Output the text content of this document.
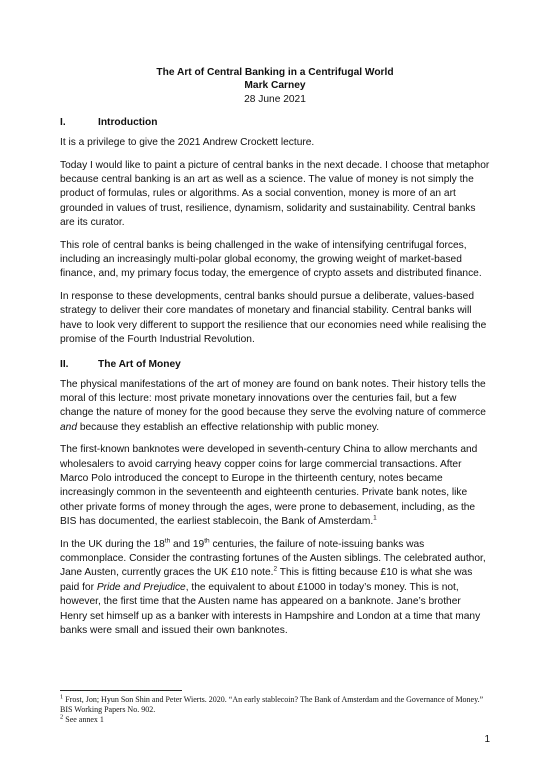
The Art of Central Banking in a Centrifugal World
Mark Carney
28 June 2021
I.	Introduction

It is a privilege to give the 2021 Andrew Crockett lecture.

Today I would like to paint a picture of central banks in the next decade. I choose that metaphor because central banking is an art as well as a science. The value of money is not simply the product of formulas, rules or algorithms. As a social convention, money is more of an art grounded in values of trust, resilience, dynamism, solidarity and sustainability. Central banks are its curator.

This role of central banks is being challenged in the wake of intensifying centrifugal forces, including an increasingly multi-polar global economy, the growing weight of market-based finance, and, my primary focus today, the emergence of crypto assets and distributed finance.

In response to these developments, central banks should pursue a deliberate, values-based strategy to deliver their core mandates of monetary and financial stability. Central banks will have to look very different to support the resilience that our economies need while realising the promise of the Fourth Industrial Revolution.

II.	The Art of Money

The physical manifestations of the art of money are found on bank notes. Their history tells the moral of this lecture: most private monetary innovations over the centuries fail, but a few change the nature of money for the good because they serve the evolving nature of commerce and because they establish an effective relationship with public money.

The first-known banknotes were developed in seventh-century China to allow merchants and wholesalers to avoid carrying heavy copper coins for large commercial transactions. After Marco Polo introduced the concept to Europe in the thirteenth century, notes became increasingly common in the seventeenth and eighteenth centuries. Private bank notes, like other private forms of money through the ages, were prone to debasement, including, as the BIS has documented, the earliest stablecoin, the Bank of Amsterdam.$^1$

In the UK during the 18th and 19th centuries, the failure of note-issuing banks was commonplace. Consider the contrasting fortunes of the Austen siblings. The celebrated author, Jane Austen, currently graces the UK £10 note.$^2$ This is fitting because £10 is what she was paid for Pride and Prejudice, the equivalent to about £1000 in today’s money. This is not, however, the first time that the Austen name has appeared on a banknote. Jane’s brother Henry set himself up as a banker with interests in Hampshire and London at a time that many banks were small and issued their own banknotes.

$^1$ Frost, Jon; Hyun Son Shin and Peter Wierts. 2020. “An early stablecoin? The Bank of Amsterdam and the Governance of Money.” BIS Working Papers No. 902.

$^2$ See annex 1

1
